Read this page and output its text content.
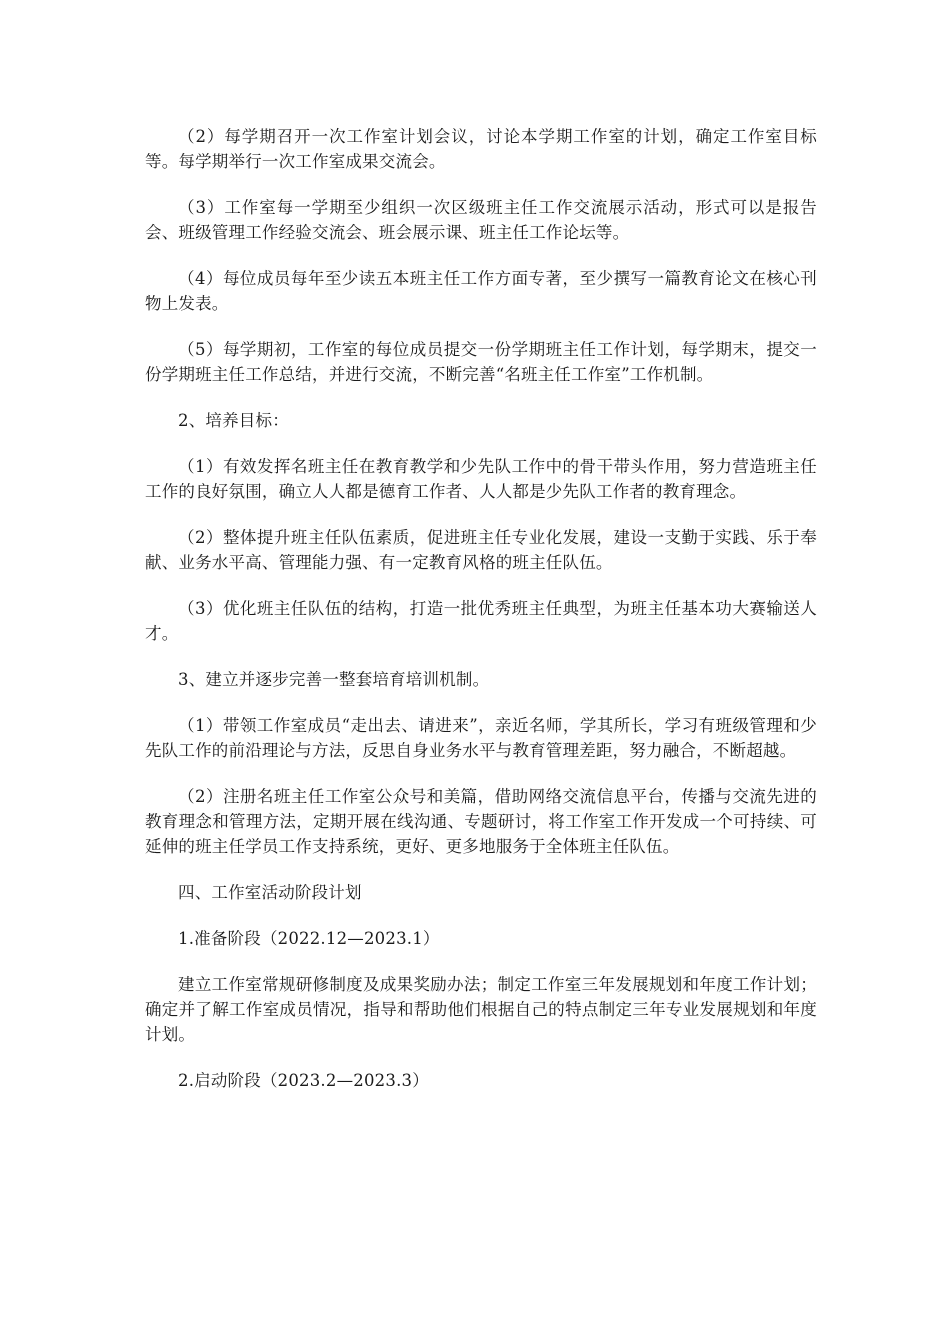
（2）每学期召开一次工作室计划会议，讨论本学期工作室的计划，确定工作室目标等。每学期举行一次工作室成果交流会。

（3）工作室每一学期至少组织一次区级班主任工作交流展示活动，形式可以是报告会、班级管理工作经验交流会、班会展示课、班主任工作论坛等。

（4）每位成员每年至少读五本班主任工作方面专著，至少撰写一篇教育论文在核心刊物上发表。

（5）每学期初，工作室的每位成员提交一份学期班主任工作计划，每学期末，提交一份学期班主任工作总结，并进行交流，不断完善“名班主任工作室”工作机制。

2、培养目标：

（1）有效发挥名班主任在教育教学和少先队工作中的骨干带头作用，努力营造班主任工作的良好氛围，确立人人都是德育工作者、人人都是少先队工作者的教育理念。

（2）整体提升班主任队伍素质，促进班主任专业化发展，建设一支勤于实践、乐于奉献、业务水平高、管理能力强、有一定教育风格的班主任队伍。

（3）优化班主任队伍的结构，打造一批优秀班主任典型，为班主任基本功大赛输送人才。

3、建立并逐步完善一整套培育培训机制。

（1）带领工作室成员“走出去、请进来”，亲近名师，学其所长，学习有班级管理和少先队工作的前沿理论与方法，反思自身业务水平与教育管理差距，努力融合，不断超越。

（2）注册名班主任工作室公众号和美篇，借助网络交流信息平台，传播与交流先进的教育理念和管理方法，定期开展在线沟通、专题研讨，将工作室工作开发成一个可持续、可延伸的班主任学员工作支持系统，更好、更多地服务于全体班主任队伍。

四、工作室活动阶段计划

1.准备阶段（2022.12—2023.1）

建立工作室常规研修制度及成果奖励办法；制定工作室三年发展规划和年度工作计划；确定并了解工作室成员情况，指导和帮助他们根据自己的特点制定三年专业发展规划和年度计划。

2.启动阶段（2023.2—2023.3）
